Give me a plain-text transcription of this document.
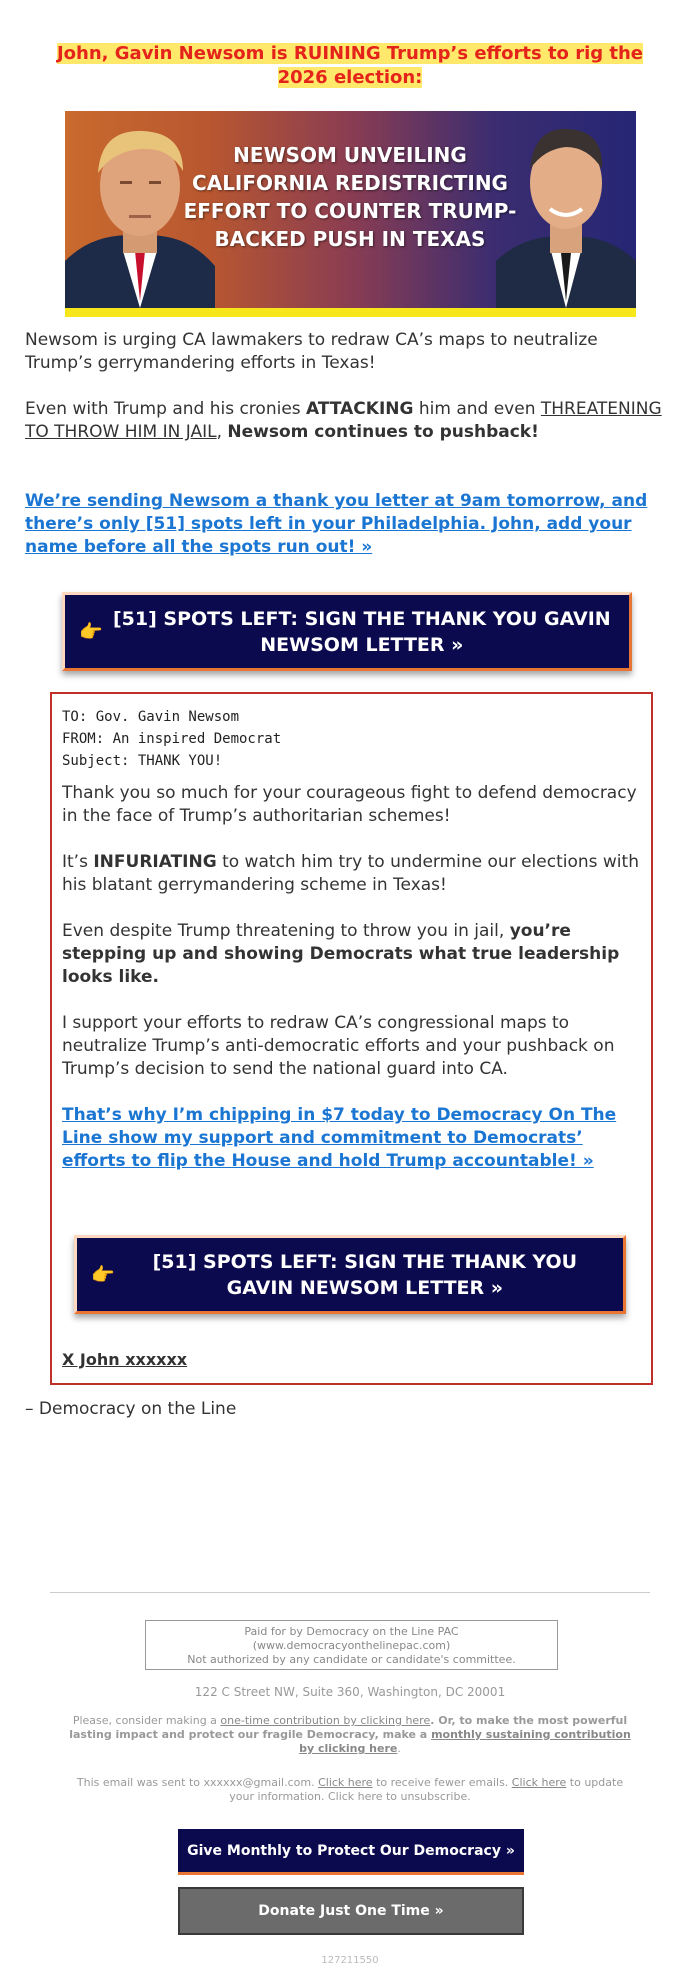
John, Gavin Newsom is RUINING Trump’s efforts to rig the 2026 election:
NEWSOM UNVEILING CALIFORNIA REDISTRICTING EFFORT TO COUNTER TRUMP-BACKED PUSH IN TEXAS
Newsom is urging CA lawmakers to redraw CA’s maps to neutralize Trump’s gerrymandering efforts in Texas!
Even with Trump and his cronies ATTACKING him and even THREATENING TO THROW HIM IN JAIL, Newsom continues to pushback!
We’re sending Newsom a thank you letter at 9am tomorrow, and there’s only [51] spots left in your Philadelphia. John, add your name before all the spots run out! »
👉
[51] SPOTS LEFT: SIGN THE THANK YOU GAVIN NEWSOM LETTER »
TO: Gov. Gavin Newsom
FROM: An inspired Democrat
Subject: THANK YOU!
Thank you so much for your courageous fight to defend democracy in the face of Trump’s authoritarian schemes!
It’s INFURIATING to watch him try to undermine our elections with his blatant gerrymandering scheme in Texas!
Even despite Trump threatening to throw you in jail, you’re stepping up and showing Democrats what true leadership looks like.
I support your efforts to redraw CA’s congressional maps to neutralize Trump’s anti-democratic efforts and your pushback on Trump’s decision to send the national guard into CA.
That’s why I’m chipping in $7 today to Democracy On The Line show my support and commitment to Democrats’ efforts to flip the House and hold Trump accountable! »
👉
[51] SPOTS LEFT: SIGN THE THANK YOU GAVIN NEWSOM LETTER »
X John xxxxxx
– Democracy on the Line
Paid for by Democracy on the Line PAC
(www.democracyonthelinepac.com)
Not authorized by any candidate or candidate's committee.
122 C Street NW, Suite 360, Washington, DC 20001
Please, consider making a one-time contribution by clicking here. Or, to make the most powerful lasting impact and protect our fragile Democracy, make a monthly sustaining contribution by clicking here.
This email was sent to xxxxxx@gmail.com. Click here to receive fewer emails. Click here to update your information. Click here to unsubscribe.
Give Monthly to Protect Our Democracy »
Donate Just One Time »
127211550
